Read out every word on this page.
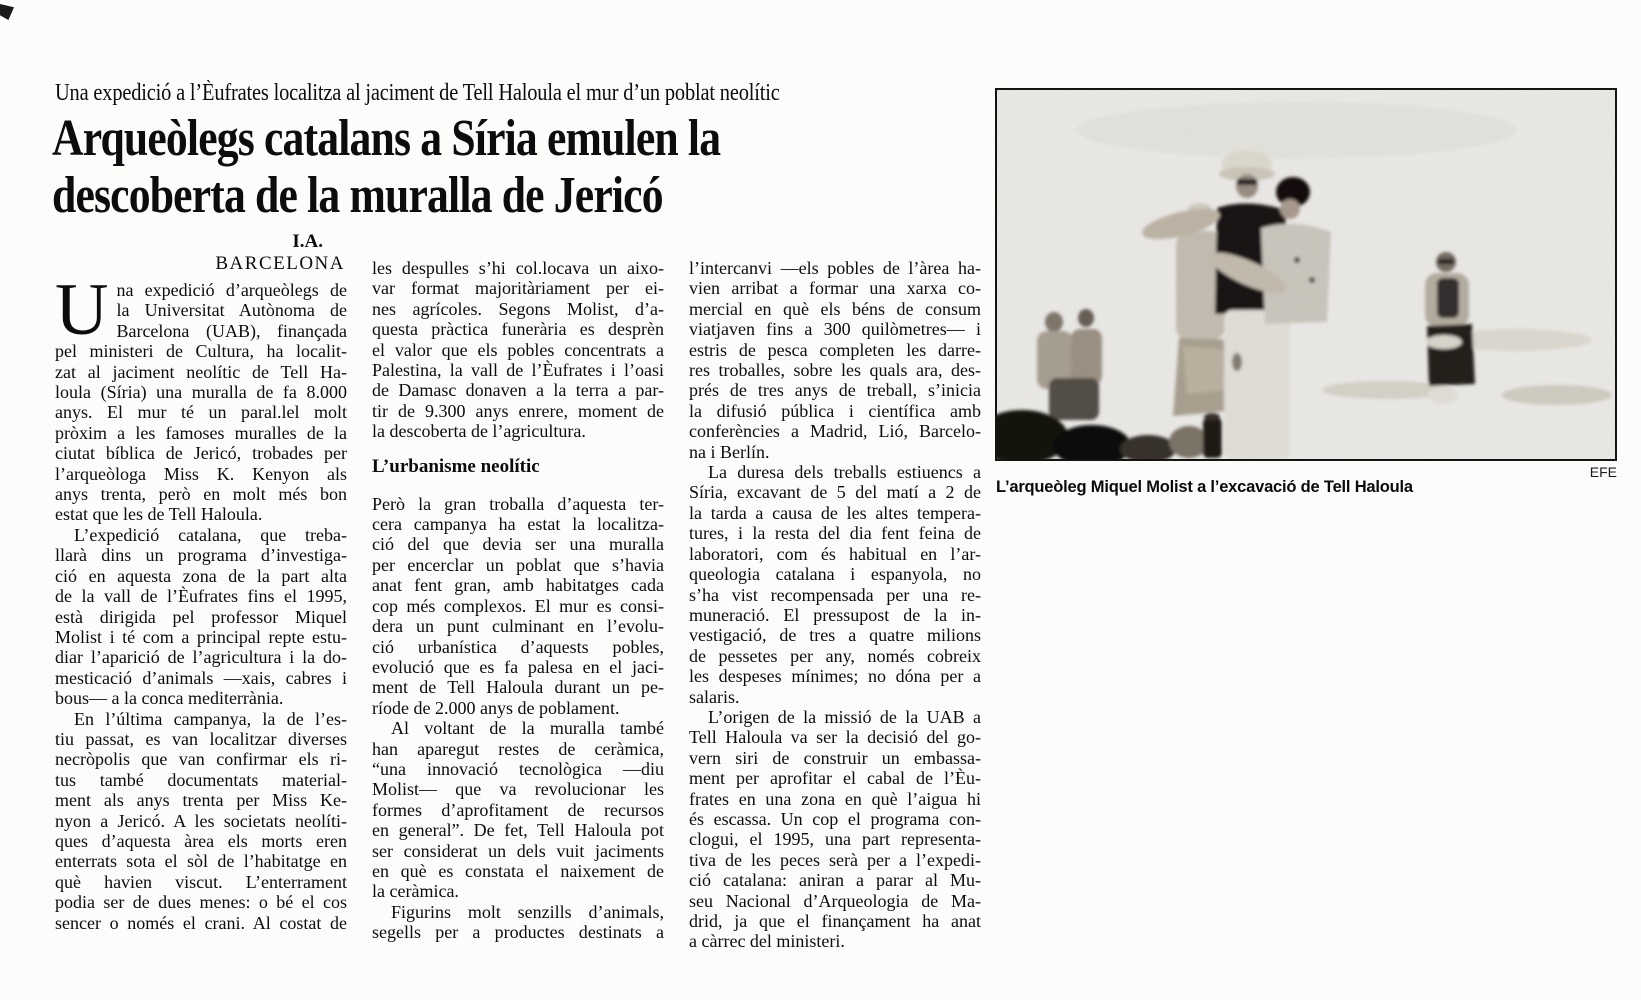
Una expedició a l’Èufrates localitza al jaciment de Tell Haloula el mur d’un poblat neolític
Arqueòlegs catalans a Síria emulen la
descoberta de la muralla de Jericó
I.A.
BARCELONA
U na expedició d’arqueòlegs de
la Universitat Autònoma de
Barcelona (UAB), finançada
pel ministeri de Cultura, ha localit-
zat al jaciment neolític de Tell Ha-
loula (Síria) una muralla de fa 8.000
anys. El mur té un paral.lel molt
pròxim a les famoses muralles de la
ciutat bíblica de Jericó, trobades per
l’arqueòloga Miss K. Kenyon als
anys trenta, però en molt més bon
estat que les de Tell Haloula.
L’expedició catalana, que treba-
llarà dins un programa d’investiga-
ció en aquesta zona de la part alta
de la vall de l’Èufrates fins el 1995,
està dirigida pel professor Miquel
Molist i té com a principal repte estu-
diar l’aparició de l’agricultura i la do-
mesticació d’animals —xais, cabres i
bous— a la conca mediterrània.
En l’última campanya, la de l’es-
tiu passat, es van localitzar diverses
necròpolis que van confirmar els ri-
tus també documentats material-
ment als anys trenta per Miss Ke-
nyon a Jericó. A les societats neolíti-
ques d’aquesta àrea els morts eren
enterrats sota el sòl de l’habitatge en
què havien viscut. L’enterrament
podia ser de dues menes: o bé el cos
sencer o només el crani. Al costat de
les despulles s’hi col.locava un aixo-
var format majoritàriament per ei-
nes agrícoles. Segons Molist, d’a-
questa pràctica funerària es desprèn
el valor que els pobles concentrats a
Palestina, la vall de l’Èufrates i l’oasi
de Damasc donaven a la terra a par-
tir de 9.300 anys enrere, moment de
la descoberta de l’agricultura.
L’urbanisme neolític
Però la gran troballa d’aquesta ter-
cera campanya ha estat la localitza-
ció del que devia ser una muralla
per encerclar un poblat que s’havia
anat fent gran, amb habitatges cada
cop més complexos. El mur es consi-
dera un punt culminant en l’evolu-
ció urbanística d’aquests pobles,
evolució que es fa palesa en el jaci-
ment de Tell Haloula durant un pe-
ríode de 2.000 anys de poblament.
Al voltant de la muralla també
han aparegut restes de ceràmica,
“una innovació tecnològica —diu
Molist— que va revolucionar les
formes d’aprofitament de recursos
en general”. De fet, Tell Haloula pot
ser considerat un dels vuit jaciments
en què es constata el naixement de
la ceràmica.
Figurins molt senzills d’animals,
segells per a productes destinats a
l’intercanvi —els pobles de l’àrea ha-
vien arribat a formar una xarxa co-
mercial en què els béns de consum
viatjaven fins a 300 quilòmetres— i
estris de pesca completen les darre-
res troballes, sobre les quals ara, des-
prés de tres anys de treball, s’inicia
la difusió pública i científica amb
conferències a Madrid, Lió, Barcelo-
na i Berlín.
La duresa dels treballs estiuencs a
Síria, excavant de 5 del matí a 2 de
la tarda a causa de les altes tempera-
tures, i la resta del dia fent feina de
laboratori, com és habitual en l’ar-
queologia catalana i espanyola, no
s’ha vist recompensada per una re-
muneració. El pressupost de la in-
vestigació, de tres a quatre milions
de pessetes per any, només cobreix
les despeses mínimes; no dóna per a
salaris.
L’origen de la missió de la UAB a
Tell Haloula va ser la decisió del go-
vern siri de construir un embassa-
ment per aprofitar el cabal de l’Èu-
frates en una zona en què l’aigua hi
és escassa. Un cop el programa con-
clogui, el 1995, una part representa-
tiva de les peces serà per a l’expedi-
ció catalana: aniran a parar al Mu-
seu Nacional d’Arqueologia de Ma-
drid, ja que el finançament ha anat
a càrrec del ministeri.
EFE
L’arqueòleg Miquel Molist a l’excavació de Tell Haloula
